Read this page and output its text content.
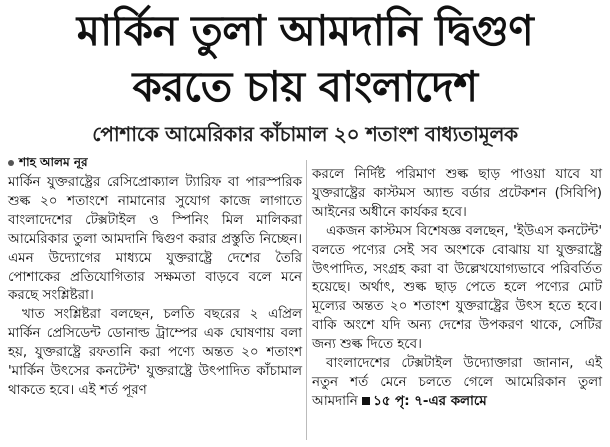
মার্কিন তুলা আমদানি দ্বিগুণ
করতে চায় বাংলাদেশ
পোশাকে আমেরিকার কাঁচামাল ২০ শতাংশ বাধ্যতামূলক
শাহ আলম নূর

মার্কিন যুক্তরাষ্ট্রের রেসিপ্রোক্যাল ট্যারিফ বা পারস্পরিক শুল্ক ২০ শতাংশে নামানোর সুযোগ কাজে লাগাতে বাংলাদেশের টেক্সটাইল ও স্পিনিং মিল মালিকরা আমেরিকার তুলা আমদানি দ্বিগুণ করার প্রস্তুতি নিচ্ছেন। এমন উদ্যোগের মাধ্যমে যুক্তরাষ্ট্রে দেশের তৈরি পোশাকের প্রতিযোগিতার সক্ষমতা বাড়বে বলে মনে করছে সংশ্লিষ্টরা।

খাত সংশ্লিষ্টরা বলছেন, চলতি বছরের ২ এপ্রিল মার্কিন প্রেসিডেন্ট ডোনাল্ড ট্রাম্পের এক ঘোষণায় বলা হয়, যুক্তরাষ্ট্রে রফতানি করা পণ্যে অন্তত ২০ শতাংশ 'মার্কিন উৎসের কনটেন্ট' যুক্তরাষ্ট্রে উৎপাদিত কাঁচামাল থাকতে হবে। এই শর্ত পূরণ

করলে নির্দিষ্ট পরিমাণ শুল্ক ছাড় পাওয়া যাবে যা যুক্তরাষ্ট্রের কাস্টমস অ্যান্ড বর্ডার প্রটেকশন (সিবিপি) আইনের অধীনে কার্যকর হবে।

একজন কাস্টমস বিশেষজ্ঞ বলছেন, 'ইউএস কনটেন্ট' বলতে পণ্যের সেই সব অংশকে বোঝায় যা যুক্তরাষ্ট্রে উৎপাদিত, সংগ্রহ করা বা উল্লেখযোগ্যভাবে পরিবর্তিত হয়েছে। অর্থাৎ, শুল্ক ছাড় পেতে হলে পণ্যের মোট মূল্যের অন্তত ২০ শতাংশ যুক্তরাষ্ট্রের উৎস হতে হবে। বাকি অংশে যদি অন্য দেশের উপকরণ থাকে, সেটির জন্য শুল্ক দিতে হবে।

বাংলাদেশের টেক্সটাইল উদ্যোক্তারা জানান, এই নতুন শর্ত মেনে চলতে গেলে আমেরিকান তুলা আমদানি ১৫ পৃ: ৭-এর কলামে
